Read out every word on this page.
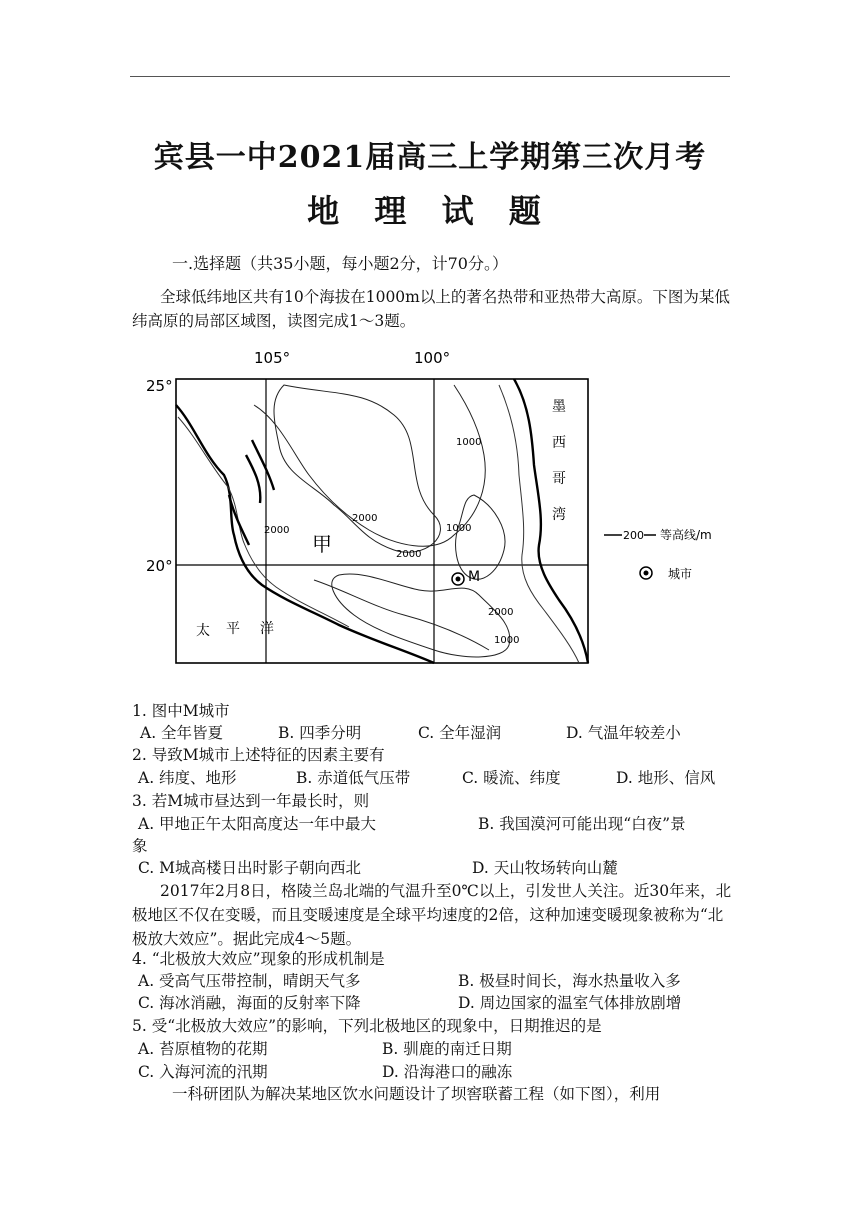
宾县一中2021届高三上学期第三次月考
地 理 试 题
一.选择题（共35小题，每小题2分，计70分。）
全球低纬地区共有10个海拔在1000m以上的著名热带和亚热带大高原。下图为某低纬高原的局部区域图，读图完成1～3题。
105°	100°
25°
20°
甲
M
2000
2000
1000
2000
1000
2000
1000
太 平 洋
墨
西
哥
湾
200 等高线/m
城市
1. 图中M城市
A. 全年皆夏	B. 四季分明	C. 全年湿润	D. 气温年较差小
2. 导致M城市上述特征的因素主要有
A. 纬度、地形	B. 赤道低气压带	C. 暖流、纬度	D. 地形、信风
3. 若M城市昼达到一年最长时，则
A. 甲地正午太阳高度达一年中最大	B. 我国漠河可能出现“白夜”景
象
C. M城高楼日出时影子朝向西北	D. 天山牧场转向山麓
2017年2月8日，格陵兰岛北端的气温升至0℃以上，引发世人关注。近30年来，北极地区不仅在变暖，而且变暖速度是全球平均速度的2倍，这种加速变暖现象被称为“北极放大效应”。据此完成4～5题。
4. “北极放大效应”现象的形成机制是
A. 受高气压带控制，晴朗天气多	B. 极昼时间长，海水热量收入多
C. 海冰消融，海面的反射率下降	D. 周边国家的温室气体排放剧增
5. 受“北极放大效应”的影响，下列北极地区的现象中，日期推迟的是
A. 苔原植物的花期	B. 驯鹿的南迁日期
C. 入海河流的汛期	D. 沿海港口的融冻
一科研团队为解决某地区饮水问题设计了坝窖联蓄工程（如下图），利用
